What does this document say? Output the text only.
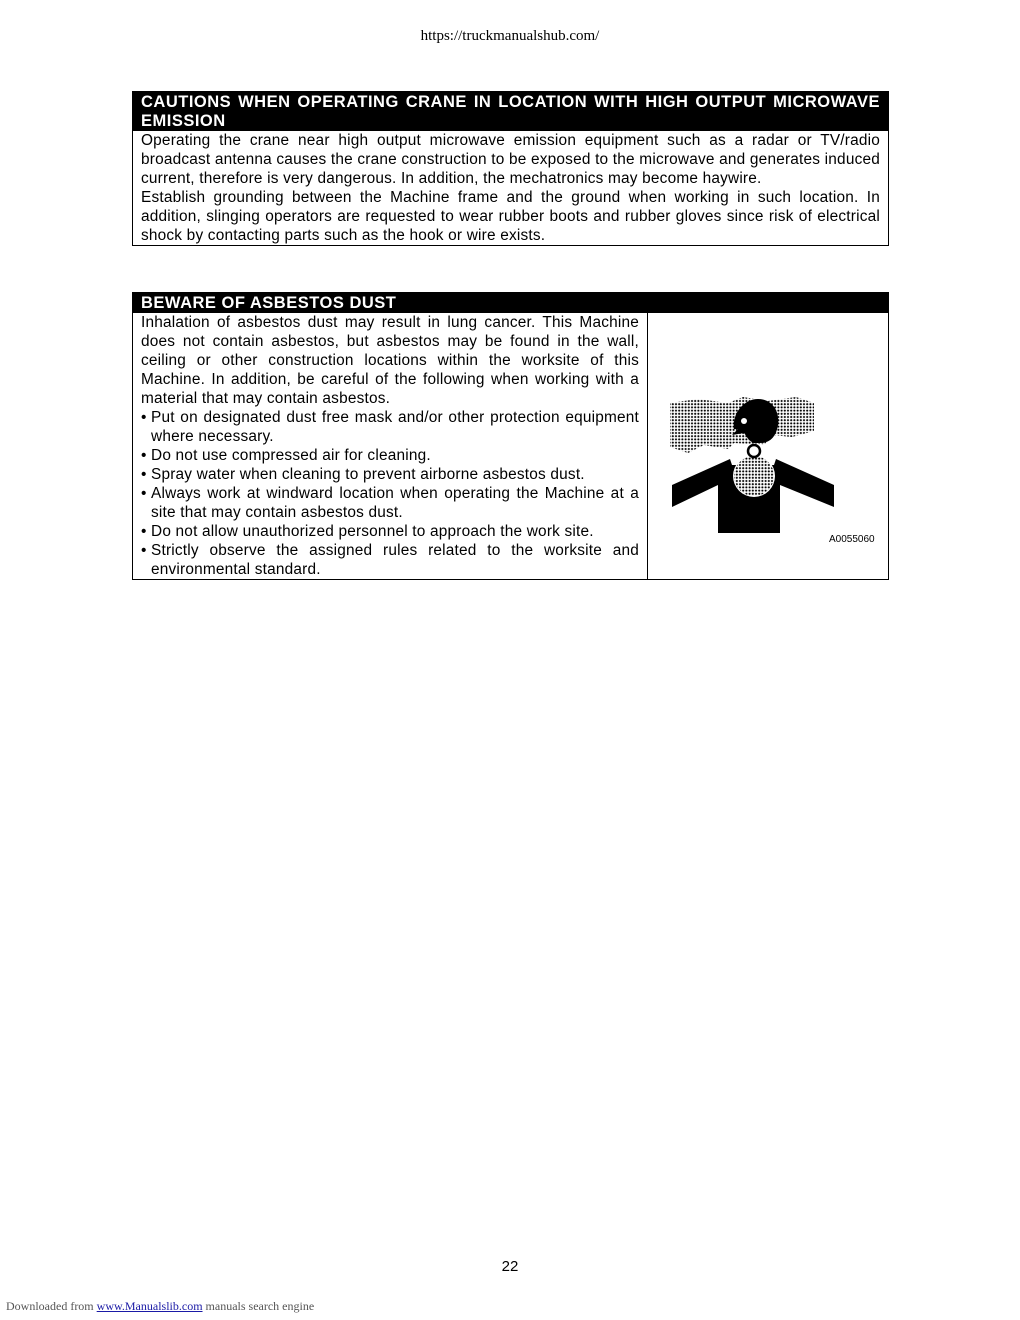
https://truckmanualshub.com/
CAUTIONS WHEN OPERATING CRANE IN LOCATION WITH HIGH OUTPUT MICROWAVE EMISSION

Operating the crane near high output microwave emission equipment such as a radar or TV/radio broadcast antenna causes the crane construction to be exposed to the microwave and generates induced current, therefore is very dangerous. In addition, the mechatronics may become haywire.

Establish grounding between the Machine frame and the ground when working in such location. In addition, slinging operators are requested to wear rubber boots and rubber gloves since risk of electrical shock by contacting parts such as the hook or wire exists.

BEWARE OF ASBESTOS DUST

Inhalation of asbestos dust may result in lung cancer. This Machine does not contain asbestos, but asbestos may be found in the wall, ceiling or other construction locations within the worksite of this Machine. In addition, be careful of the following when working with a material that may contain asbestos.

• Put on designated dust free mask and/or other protection equipment where necessary.
• Do not use compressed air for cleaning.
• Spray water when cleaning to prevent airborne asbestos dust.
• Always work at windward location when operating the Machine at a site that may contain asbestos dust.
• Do not allow unauthorized personnel to approach the work site.
• Strictly observe the assigned rules related to the worksite and environmental standard.
A0055060
22
Downloaded from www.Manualslib.com manuals search engine
